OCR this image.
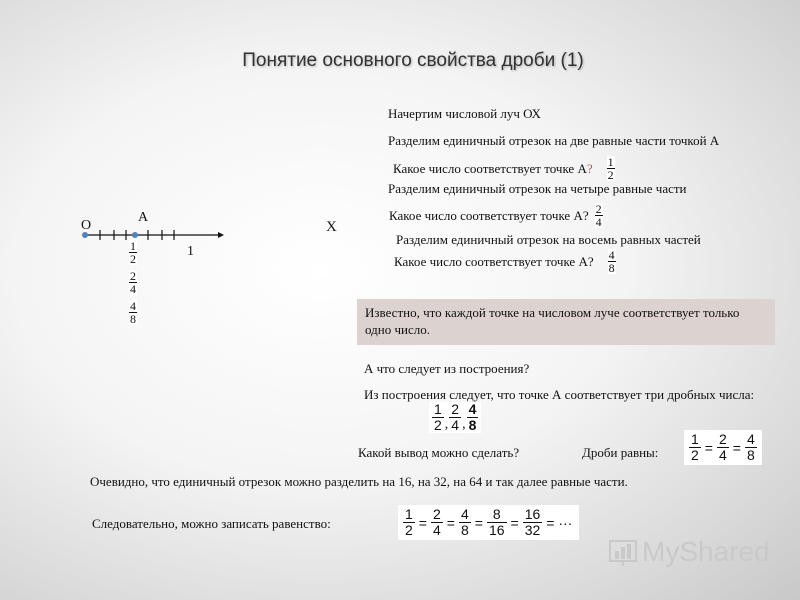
Понятие основного свойства дроби (1)
О
А
X
1
$\frac{1}{2}$
$\frac{2}{4}$
$\frac{4}{8}$
Начертим числовой луч ОХ
Разделим единичный отрезок на две равные части точкой А
Какое число соответствует точке А ? $\frac{1}{2}$
Разделим единичный отрезок на четыре равные части
Какое число соответствует точке А? $\frac{2}{4}$
Разделим единичный отрезок на восемь равных частей
Какое число соответствует точке А? $\frac{4}{8}$
Известно, что каждой точке на числовом луче соответствует только одно число.
А что следует из построения?
Из построения следует, что точке А соответствует три дробных числа:
$\frac{1}{2}$ , $\frac{2}{4}$ , $\frac{4}{8}$
Какой вывод можно сделать?	Дроби равны: $\frac{1}{2} = \frac{2}{4} = \frac{4}{8}$
Очевидно, что единичный отрезок можно разделить на 16, на 32, на 64 и так далее равные части.
Следовательно, можно записать равенство:	$\frac{1}{2} = \frac{2}{4} = \frac{4}{8} = \frac{8}{16} = \frac{16}{32}$ = ···
MyShared
